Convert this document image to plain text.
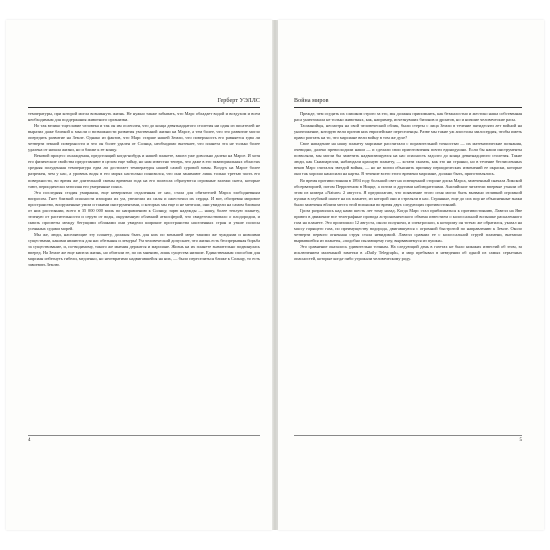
Герберт УЭЛЛС

температуры, при которой могла возникнуть жизнь. Не нужно также забывать, что Марс обладает водой и воздухом и всем необходимым для поддержания животного организма.

Но так велико тщеславие человека и так он им ослеплен, что до конца девятнадцатого столетия ни один из писателей не выразил даже близкой к мысли о возможности развития умственной жизни на Марсе, а тем более, что это развитие могло опередить развитие на Земле. Однако из фактов, что Марс старше нашей Земли, что поверхность его равняется едва ли четверти земной поверхности и что он более удален от Солнца, необходимо вытекает, что планета эта не только более удалена от начала жизни, но и ближе к ее концу.

Вековой процесс охлаждения, предстоящий когда-нибудь и нашей планете, зашел уже довольно далеко на Марсе. И хотя его физические свойства представляют в целом еще тайну, но нам известно теперь, что даже в его экваториальных областях средняя полуденная температура едва ли достигает температуры нашей самой суровой зимы. Воздух на Марсе более разрежен, чем у нас, а уровень воды в его морях настолько понизился, что они занимают лишь только третью часть его поверхности, во время же длительной смены времени года на его полюсах образуются огромные залежи снега, которые тают, периодически затопляя его умеренные пояса.

Эта последняя стадия умирания, еще невероятно отдаленная от нас, стала для обитателей Марса злободневным вопросом. Гнет близкой опасности изощрил их ум, увеличил их силы и ожесточил их сердца. И вот, обозревая мировое пространство, вооруженные умом и такими инструментами, о которых мы еще и не мечтали, они увидели на самом близком от них расстоянии, всего в 35 000 000 миль по направлению к Солнцу, зарю надежды — нашу, более теплую планету, зеленую от растительности и серую от воды, окруженную облачной атмосферой, что свидетельствовало о плодородии, и сквозь просветы между бегущими облаками они увидели широкие пространства населенных стран и узкие полосы усеянных судами морей.

Мы же, люди, населяющие эту планету, должны быть для них по меньшей мере такими же чуждыми и низшими существами, какими являются для нас обезьяны и лемуры! Ум человеческий допускает, что жизнь есть беспрерывная борьба за существование, и, по-видимому, такого же мнения держатся и марсиане. Жизнь на их планете значительно подвинулась вперед. На Земле же еще кипела жизнь, но обитали ее, по их мнению, лишь существа низшие. Единственным способом для марсиан избегнуть гибели, медленно, но неотвратимо надвигавшейся на них, — было переселиться ближе к Солнцу, то есть завоевать Землю.

4
Война миров

Прежде, чем осудить их слишком строго за это, мы должны припомнить, как безжалостно и жестоко наша собственная раса уничтожала не только животных, как, например, исчезнувших бизонов и дронтов, но и низшие человеческие расы.

Тасманийцы, несмотря на свой человеческий облик, были стерты с лица Земли в течение пятидесяти лет войной на уничтожение, которую вели против них европейские переселенцы. Разве мы такие уж апостолы милосердия, чтобы иметь право роптать на то, что марсиане вели войну в том же духе?

Свое нападение на нашу планету марсиане рассчитали с поразительной точностью — их математические познания, очевидно, далеко превосходили наши — и сделали свои приготовления почти единодушно. Если бы наши инструменты позволяли, мы могли бы заметить надвигающуюся на нас опасность задолго до конца девятнадцатого столетия. Такие люди, как Скиапарелли, наблюдали красную планету, — кстати сказать, как это ни странно, но в течение бесчисленных веков Марс считался звездой войны, — но не могли объяснить причину периодических изменений ее окраски, которые они так хорошо наносили на карты. В течение всего этого времени марсиане, должно быть, приготовлялись.

Во время противостояния в 1894 году большой свет на освещенной стороне диска Марса, замеченный сначала Ликской обсерваторией, потом Перротеном в Ницце, а потом и другими наблюдателями. Английские читатели впервые узнали об этом из номера «Nature» 2 августа. Я предполагаю, что появление этого огня могло быть вызвано отливкой огромной пушки в глубокой шахте на их планете, из которой они и стреляли в нас. Странные, еще до сих пор не объясненные знаки были замечены вблизи места этой вспышки во время двух следующих противостояний.

Гроза разразилась над нами шесть лет тому назад. Когда Марс стал приближаться к противостоянию, Лавелл на Яве привел в движение все телеграфные провода астрономического обмена известием о колоссальной вспышке раскаленного газа на планете. Это произошло 12 августа, около полуночи, и спектроскоп, к которому он тотчас же обратился, указал на массу горящего газа, по преимуществу водорода, двигавшуюся с огромной быстротой по направлению к Земле. Около четверти первого огненная струя стала невидимой. Лавелл сравнил ее с колоссальной струей пламени, внезапно вырвавшейся из планеты, «подобно пылающему газу, вырвавшемуся из пушки».

Это сравнение оказалось удивительно точным. На следующий день в газетах не было никаких известий об этом, за исключением маленькой заметки в «Daily Telegraph», и мир пребывал в неведении об одной из самых серьезных опасностей, которые когда-либо угрожали человеческому роду.

5
